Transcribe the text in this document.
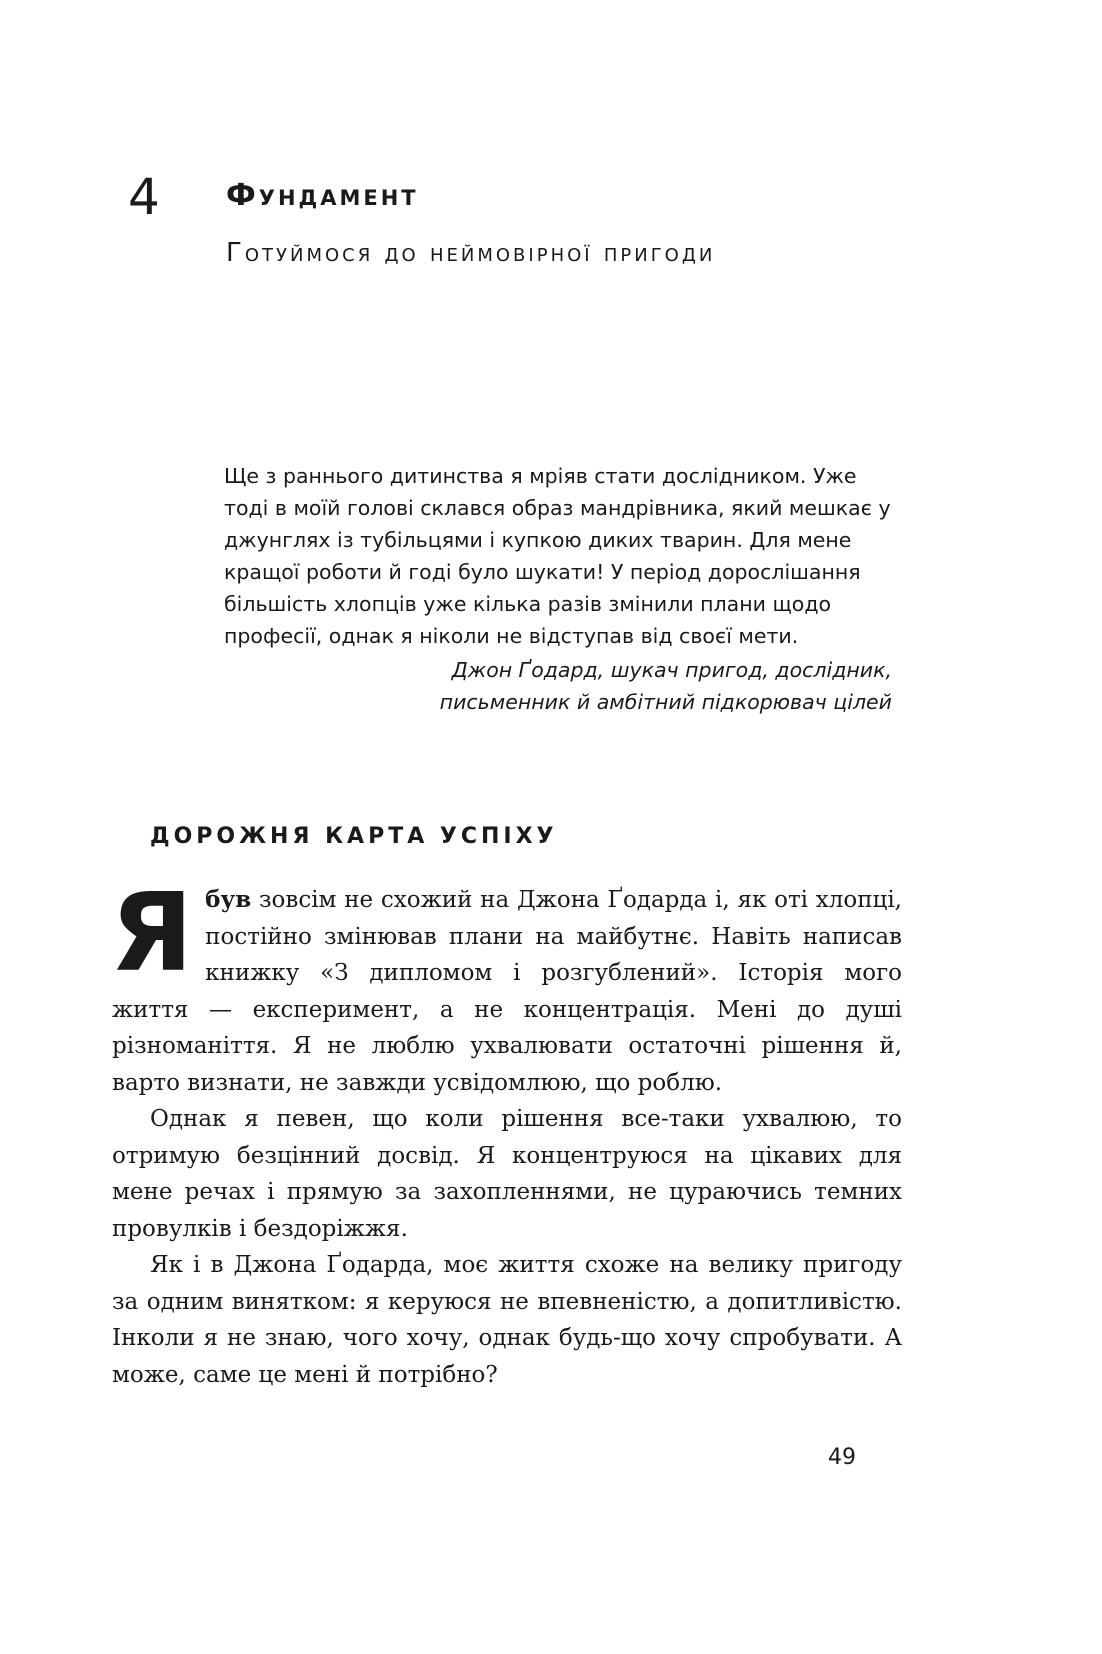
4 Фундамент

Готуймося до неймовірної пригоди

Ще з раннього дитинства я мріяв стати дослідником. Уже тоді в моїй голові склався образ мандрівника, який мешкає у джунглях із тубільцями і купкою диких тварин. Для мене кращої роботи й годі було шукати! У період дорослішання більшість хлопців уже кілька разів змінили плани щодо професії, однак я ніколи не відступав від своєї мети.

Джон Ґодард, шукач пригод, дослідник,
письменник й амбітний підкорювач цілей
ДОРОЖНЯ КАРТА УСПІХУ

Ябув зовсім не схожий на Джона Ґодарда і, як оті хлопці, постійно змінював плани на майбутнє. Навіть написав книжку «З дипломом і розгублений». Історія мого життя — експеримент, а не концентрація. Мені до душі різноманіття. Я не люблю ухвалювати остаточні рішення й, варто визнати, не завжди усвідомлюю, що роблю.

Однак я певен, що коли рішення все-таки ухвалюю, то отримую безцінний досвід. Я концентруюся на цікавих для мене речах і прямую за захопленнями, не цураючись темних провулків і бездоріжжя.

Як і в Джона Ґодарда, моє життя схоже на велику пригоду за одним винятком: я керуюся не впевненістю, а допитливістю. Інколи я не знаю, чого хочу, однак будь-що хочу спробувати. А може, саме це мені й потрібно?

49
